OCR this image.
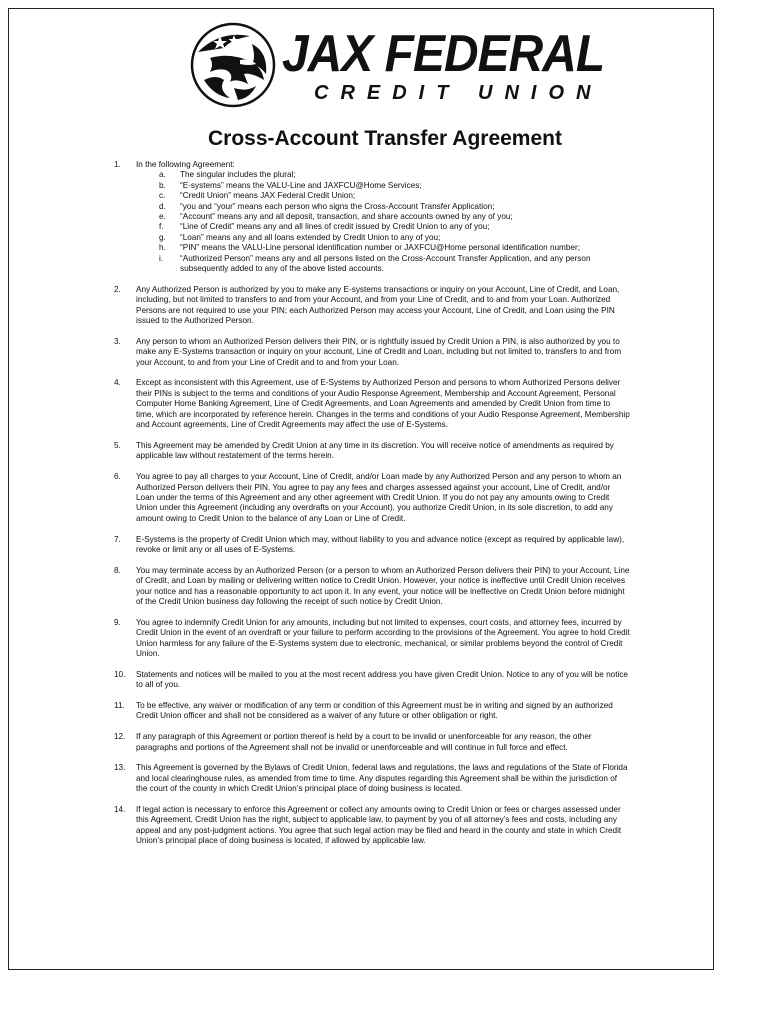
JAX FEDERAL
CREDIT UNION
Cross-Account Transfer Agreement
1. In the following Agreement:
a. The singular includes the plural;
b. “E-systems” means the VALU-Line and JAXFCU@Home Services;
c. “Credit Union” means JAX Federal Credit Union;
d. “you and “your” means each person who signs the Cross-Account Transfer Application;
e. “Account” means any and all deposit, transaction, and share accounts owned by any of you;
f. “Line of Credit” means any and all lines of credit issued by Credit Union to any of you;
g. “Loan” means any and all loans extended by Credit Union to any of you;
h. “PIN” means the VALU-Line personal identification number or JAXFCU@Home personal identification number;
i. “Authorized Person” means any and all persons listed on the Cross-Account Transfer Application, and any person subsequently added to any of the above listed accounts.
2. Any Authorized Person is authorized by you to make any E-systems transactions or inquiry on your Account, Line of Credit, and Loan, including, but not limited to transfers to and from your Account, and from your Line of Credit, and to and from your Loan. Authorized Persons are not required to use your PIN; each Authorized Person may access your Account, Line of Credit, and Loan using the PIN issued to the Authorized Person.
3. Any person to whom an Authorized Person delivers their PIN, or is rightfully issued by Credit Union a PIN, is also authorized by you to make any E-Systems transaction or inquiry on your account, Line of Credit and Loan, including but not limited to, transfers to and from your Account, to and from your Line of Credit and to and from your Loan.
4. Except as inconsistent with this Agreement, use of E-Systems by Authorized Person and persons to whom Authorized Persons deliver their PINs is subject to the terms and conditions of your Audio Response Agreement, Membership and Account Agreement, Personal Computer Home Banking Agreement, Line of Credit Agreements, and Loan Agreements and amended by Credit Union from time to time, which are incorporated by reference herein. Changes in the terms and conditions of your Audio Response Agreement, Membership and Account agreements, Line of Credit Agreements may affect the use of E-Systems.
5. This Agreement may be amended by Credit Union at any time in its discretion. You will receive notice of amendments as required by applicable law without restatement of the terms herein.
6. You agree to pay all charges to your Account, Line of Credit, and/or Loan made by any Authorized Person and any person to whom an Authorized Person delivers their PIN. You agree to pay any fees and charges assessed against your account, Line of Credit, and/or Loan under the terms of this Agreement and any other agreement with Credit Union. If you do not pay any amounts owing to Credit Union under this Agreement (including any overdrafts on your Account), you authorize Credit Union, in its sole discretion, to add any amount owing to Credit Union to the balance of any Loan or Line of Credit.
7. E-Systems is the property of Credit Union which may, without liability to you and advance notice (except as required by applicable law), revoke or limit any or all uses of E-Systems.
8. You may terminate access by an Authorized Person (or a person to whom an Authorized Person delivers their PIN) to your Account, Line of Credit, and Loan by mailing or delivering written notice to Credit Union. However, your notice is ineffective until Credit Union receives your notice and has a reasonable opportunity to act upon it. In any event, your notice will be ineffective on Credit Union before midnight of the Credit Union business day following the receipt of such notice by Credit Union.
9. You agree to indemnify Credit Union for any amounts, including but not limited to expenses, court costs, and attorney fees, incurred by Credit Union in the event of an overdraft or your failure to perform according to the provisions of the Agreement. You agree to hold Credit Union harmless for any failure of the E-Systems system due to electronic, mechanical, or similar problems beyond the control of Credit Union.
10. Statements and notices will be mailed to you at the most recent address you have given Credit Union. Notice to any of you will be notice to all of you.
11. To be effective, any waiver or modification of any term or condition of this Agreement must be in writing and signed by an authorized Credit Union officer and shall not be considered as a waiver of any future or other obligation or right.
12. If any paragraph of this Agreement or portion thereof is held by a court to be invalid or unenforceable for any reason, the other paragraphs and portions of the Agreement shall not be invalid or unenforceable and will continue in full force and effect.
13. This Agreement is governed by the Bylaws of Credit Union, federal laws and regulations, the laws and regulations of the State of Florida and local clearinghouse rules, as amended from time to time. Any disputes regarding this Agreement shall be within the jurisdiction of the court of the county in which Credit Union’s principal place of doing business is located.
14. If legal action is necessary to enforce this Agreement or collect any amounts owing to Credit Union or fees or charges assessed under this Agreement, Credit Union has the right, subject to applicable law, to payment by you of all attorney’s fees and costs, including any appeal and any post-judgment actions. You agree that such legal action may be filed and heard in the county and state in which Credit Union’s principal place of doing business is located, if allowed by applicable law.
